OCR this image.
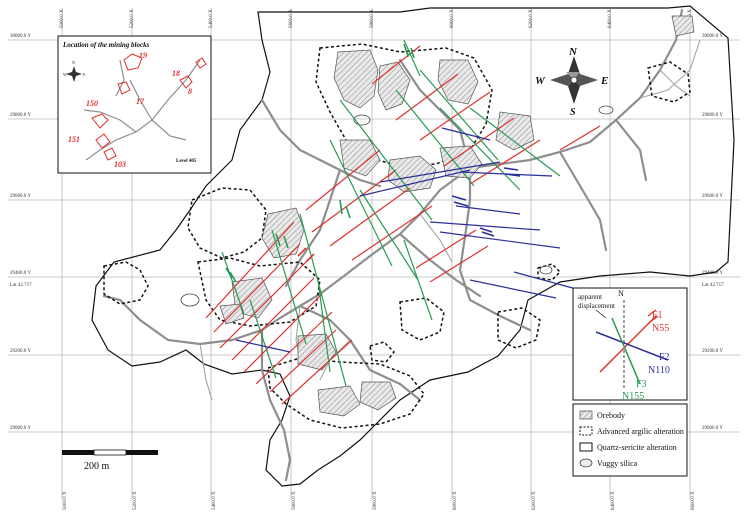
5000.0 X	5200.0 X	5400.0 X	5600.0 X	5800.0 X	6000.0 X	6200.0 X	6400.0 X
5000.0 X	5200.0 X	5400.0 X	5600.0 X	5800.0 X	6000.0 X	6200.0 X	6400.0 X	6600.0 X
30000.0 Y
29800.0 Y
29600.0 Y
29400.0 Y
Lat 42.717
29200.0 Y
29000.0 Y
30000.0 Y
29800.0 Y
29600.0 Y
29400.0 Y
Lat 42.717
29200.0 Y
29000.0 Y
Location of the mining blocks
N
W	E
19
18
8
17
150
151
103	Level 405
N
S
W	E
200 m
apparent
displacement
N
F1
N55
F2
N110
F3
N155
Orebody
Advanced argilic alteration
Quartz-sericite alteration
Vuggy silica
